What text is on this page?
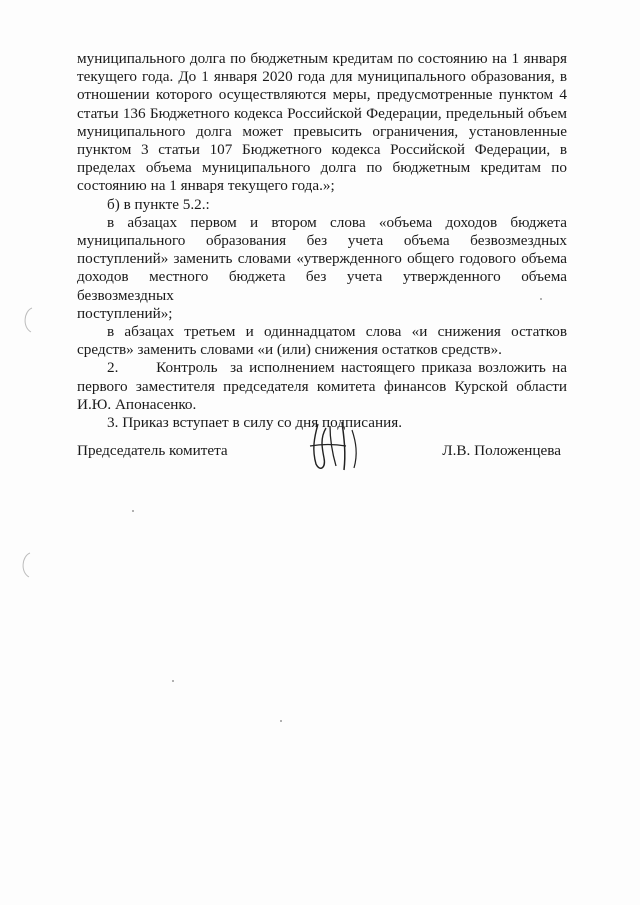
муниципального долга по бюджетным кредитам по состоянию на 1 января
текущего года. До 1 января 2020 года для муниципального образования, в
отношении которого осуществляются меры, предусмотренные пунктом 4
статьи 136 Бюджетного кодекса Российской Федерации, предельный объем
муниципального долга может превысить ограничения, установленные
пунктом 3 статьи 107 Бюджетного кодекса Российской Федерации, в
пределах объема муниципального долга по бюджетным кредитам по
состоянию на 1 января текущего года.»;

б) в пункте 5.2.:

в абзацах первом и втором слова «объема доходов бюджета
муниципального образования без учета объема безвозмездных
поступлений» заменить словами «утвержденного общего годового объема
доходов местного бюджета без учета утвержденного объема безвозмездных
поступлений»;

в абзацах третьем и одиннадцатом слова «и снижения остатков
средств» заменить словами «и (или) снижения остатков средств».

2.      Контроль  за исполнением настоящего приказа возложить на
первого заместителя председателя комитета финансов Курской области
И.Ю. Апонасенко.

3. Приказ вступает в силу со дня подписания.

Председатель комитета	Л.В. Положенцева
